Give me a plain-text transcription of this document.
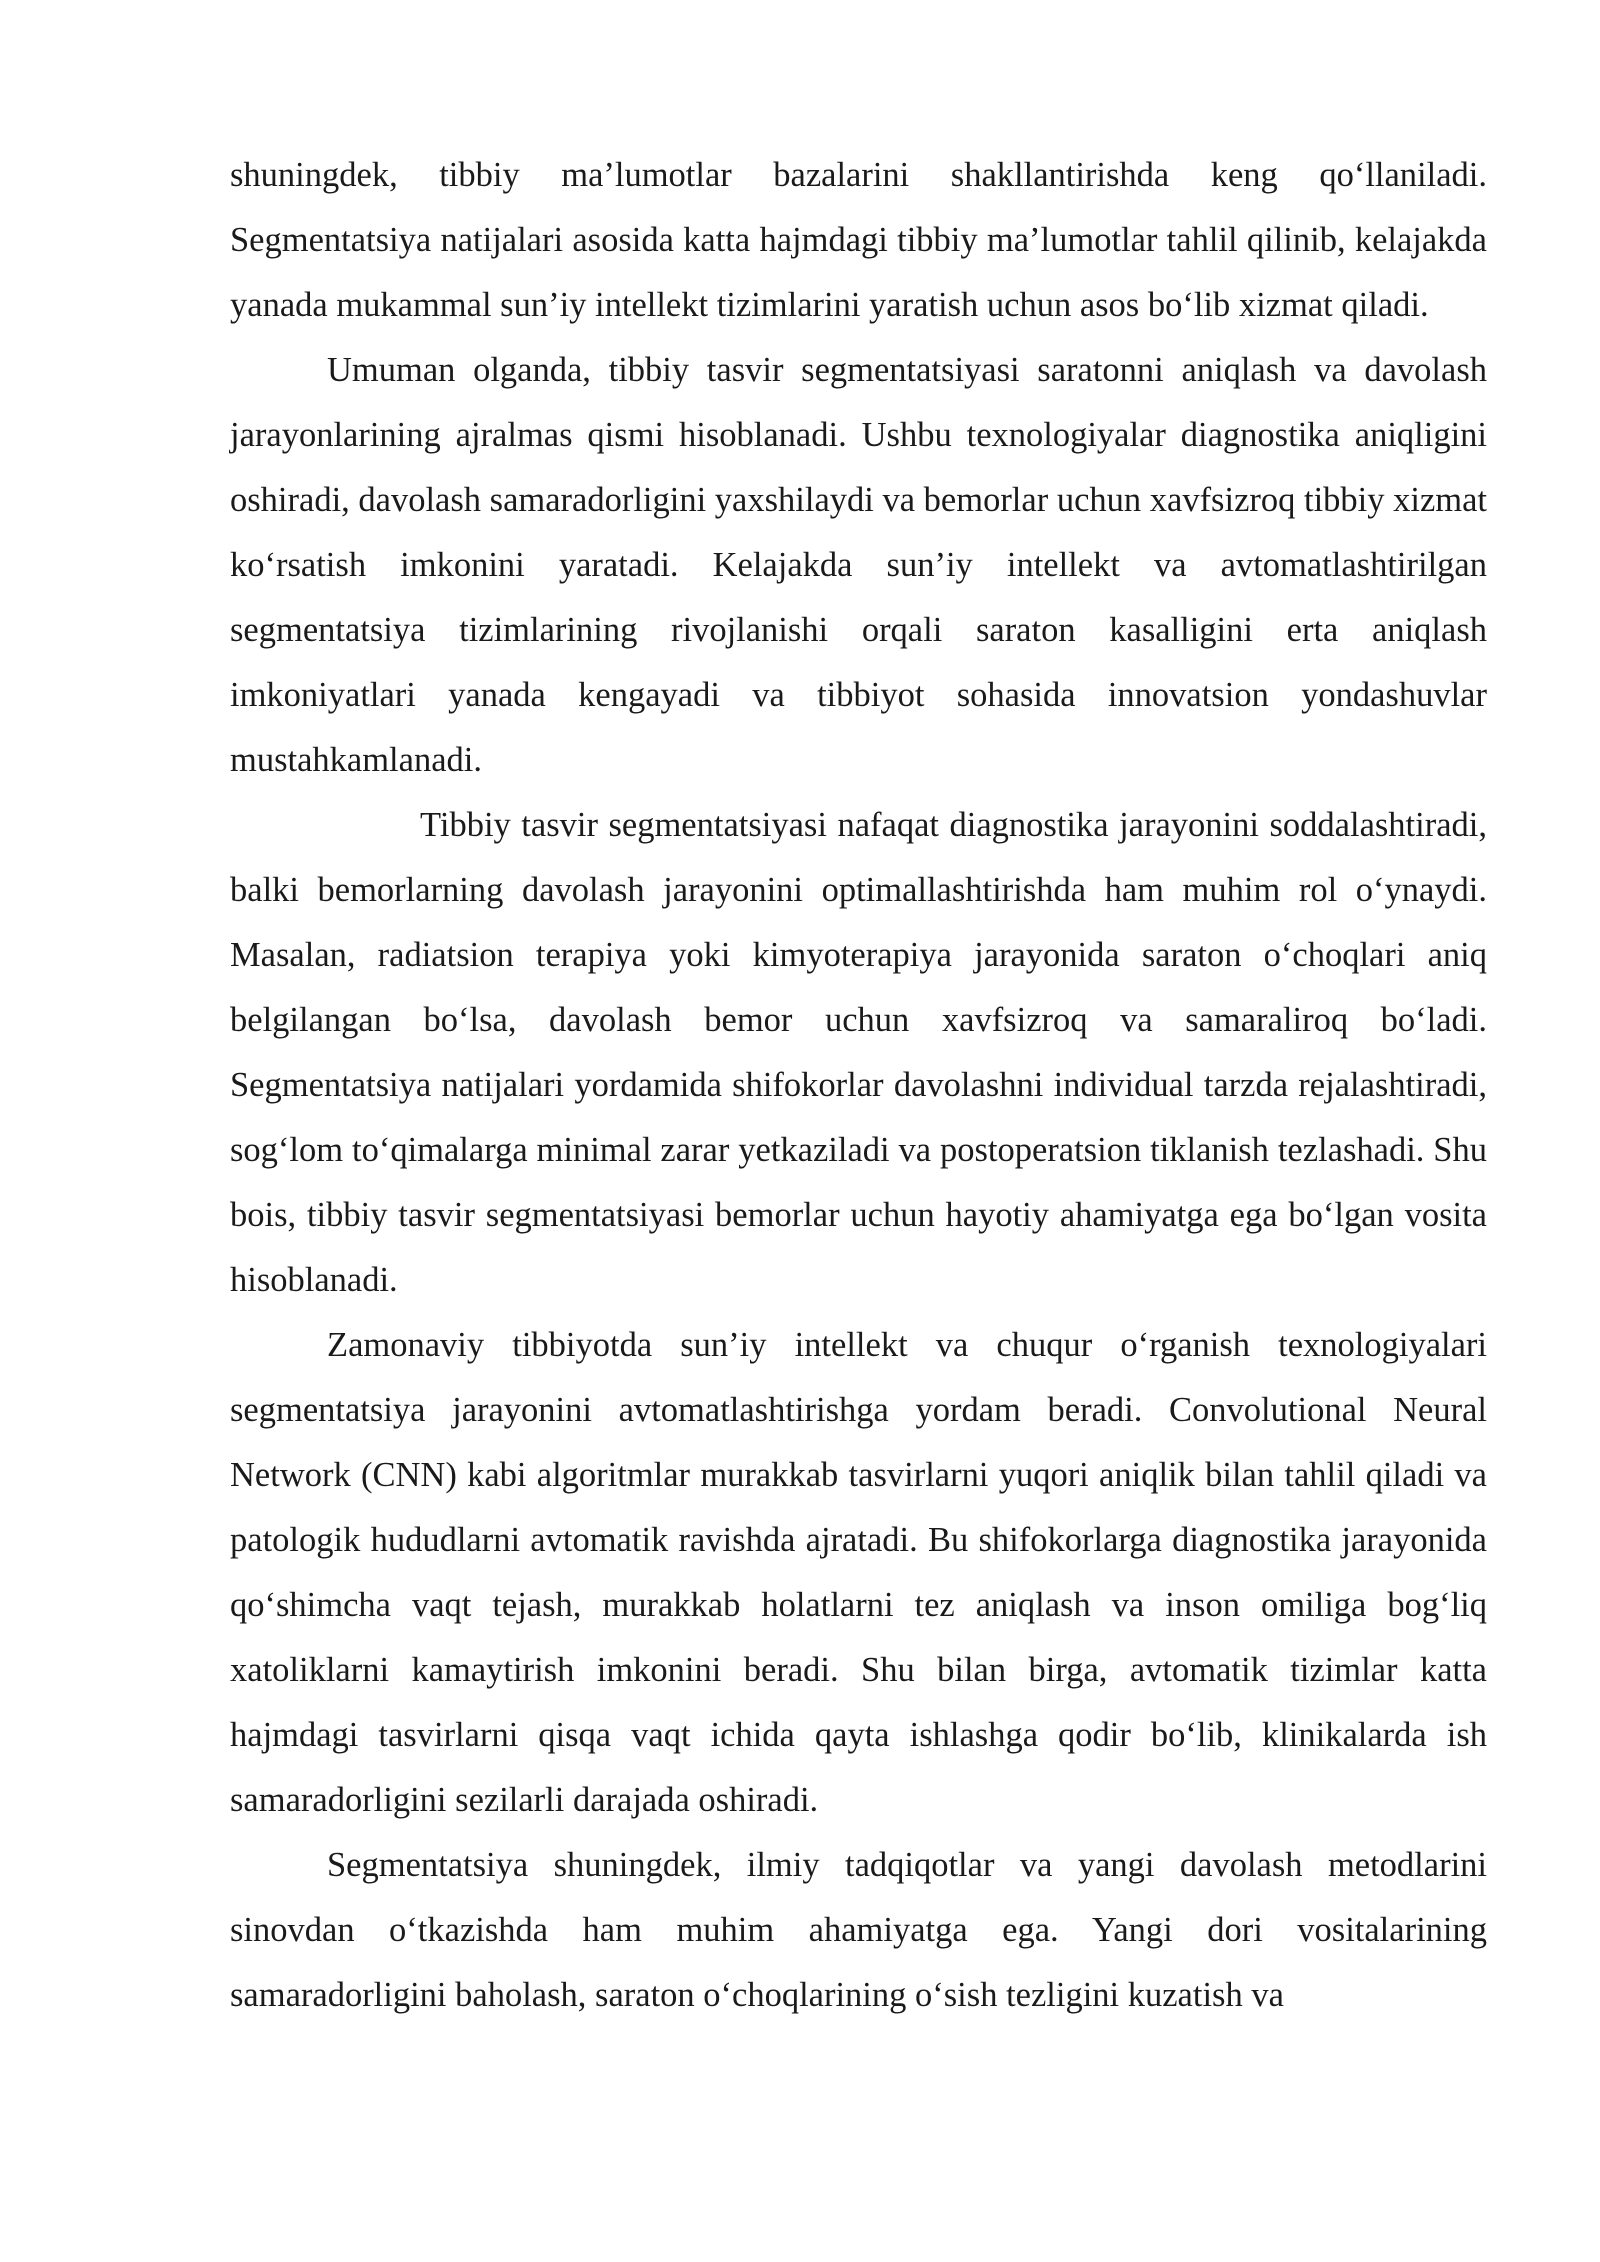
shuningdek, tibbiy ma’lumotlar bazalarini shakllantirishda keng qo‘llaniladi. Segmentatsiya natijalari asosida katta hajmdagi tibbiy ma’lumotlar tahlil qilinib, kelajakda yanada mukammal sun’iy intellekt tizimlarini yaratish uchun asos bo‘lib xizmat qiladi.

Umuman olganda, tibbiy tasvir segmentatsiyasi saratonni aniqlash va davolash jarayonlarining ajralmas qismi hisoblanadi. Ushbu texnologiyalar diagnostika aniqligini oshiradi, davolash samaradorligini yaxshilaydi va bemorlar uchun xavfsizroq tibbiy xizmat ko‘rsatish imkonini yaratadi. Kelajakda sun’iy intellekt va avtomatlashtirilgan segmentatsiya tizimlarining rivojlanishi orqali saraton kasalligini erta aniqlash imkoniyatlari yanada kengayadi va tibbiyot sohasida innovatsion yondashuvlar mustahkamlanadi.

Tibbiy tasvir segmentatsiyasi nafaqat diagnostika jarayonini soddalashtiradi, balki bemorlarning davolash jarayonini optimallashtirishda ham muhim rol o‘ynaydi. Masalan, radiatsion terapiya yoki kimyoterapiya jarayonida saraton o‘choqlari aniq belgilangan bo‘lsa, davolash bemor uchun xavfsizroq va samaraliroq bo‘ladi. Segmentatsiya natijalari yordamida shifokorlar davolashni individual tarzda rejalashtiradi, sog‘lom to‘qimalarga minimal zarar yetkaziladi va postoperatsion tiklanish tezlashadi. Shu bois, tibbiy tasvir segmentatsiyasi bemorlar uchun hayotiy ahamiyatga ega bo‘lgan vosita hisoblanadi.

Zamonaviy tibbiyotda sun’iy intellekt va chuqur o‘rganish texnologiyalari segmentatsiya jarayonini avtomatlashtirishga yordam beradi. Convolutional Neural Network (CNN) kabi algoritmlar murakkab tasvirlarni yuqori aniqlik bilan tahlil qiladi va patologik hududlarni avtomatik ravishda ajratadi. Bu shifokorlarga diagnostika jarayonida qo‘shimcha vaqt tejash, murakkab holatlarni tez aniqlash va inson omiliga bog‘liq xatoliklarni kamaytirish imkonini beradi. Shu bilan birga, avtomatik tizimlar katta hajmdagi tasvirlarni qisqa vaqt ichida qayta ishlashga qodir bo‘lib, klinikalarda ish samaradorligini sezilarli darajada oshiradi.

Segmentatsiya shuningdek, ilmiy tadqiqotlar va yangi davolash metodlarini sinovdan o‘tkazishda ham muhim ahamiyatga ega. Yangi dori vositalarining samaradorligini baholash, saraton o‘choqlarining o‘sish tezligini kuzatish va
